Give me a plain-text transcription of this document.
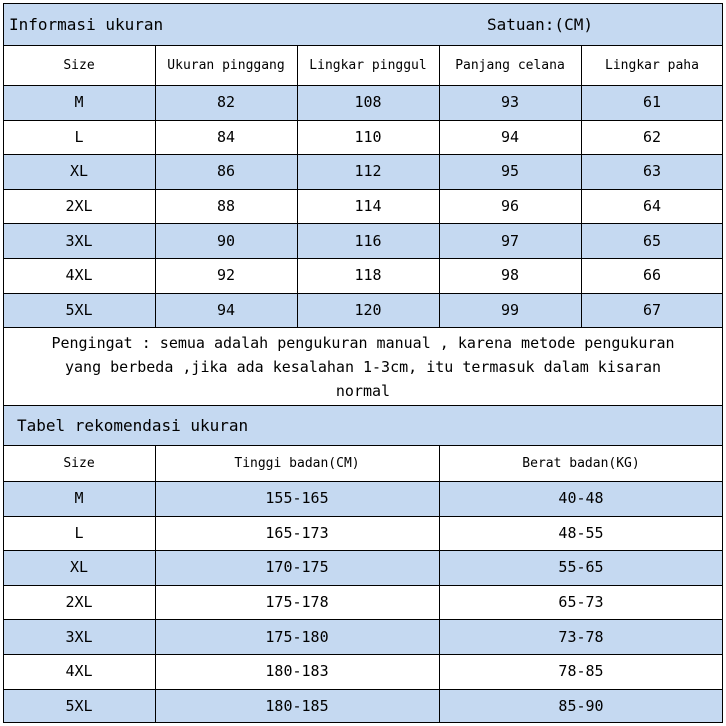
Informasi ukuran	Satuan:(CM)
Size	Ukuran pinggang	Lingkar pinggul	Panjang celana	Lingkar paha
M	82	108	93	61
L	84	110	94	62
XL	86	112	95	63
2XL	88	114	96	64
3XL	90	116	97	65
4XL	92	118	98	66
5XL	94	120	99	67
Pengingat : semua adalah pengukuran manual , karena metode pengukuran
yang berbeda ,jika ada kesalahan 1-3cm, itu termasuk dalam kisaran
normal
Tabel rekomendasi ukuran
Size	Tinggi badan(CM)	Berat badan(KG)
M	155-165	40-48
L	165-173	48-55
XL	170-175	55-65
2XL	175-178	65-73
3XL	175-180	73-78
4XL	180-183	78-85
5XL	180-185	85-90
